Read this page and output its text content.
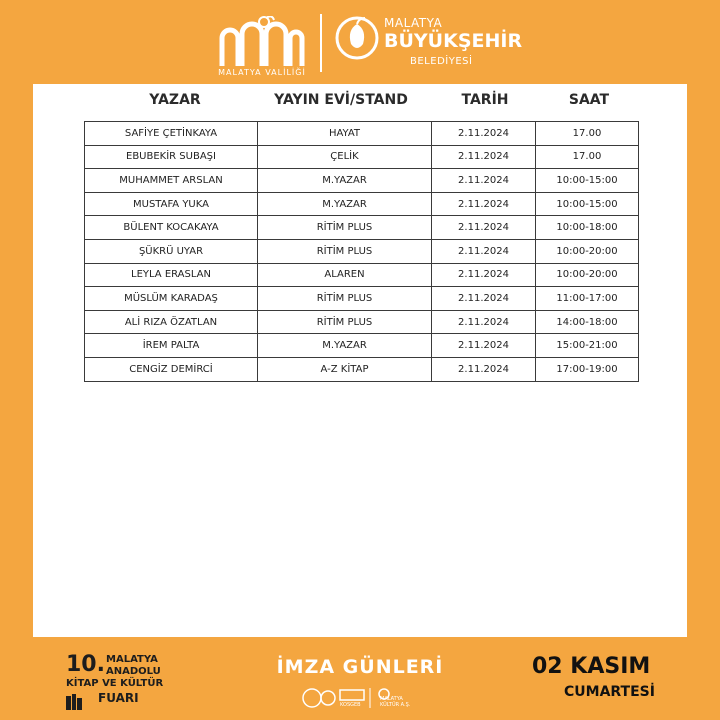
MALATYA VALİLİĞİ
MALATYA
BÜYÜKŞEHİR
BELEDİYESİ
YAZAR	YAYIN EVİ/STAND	TARİH	SAAT
SAFİYE ÇETİNKAYA	HAYAT	2.11.2024	17.00
EBUBEKİR SUBAŞI	ÇELİK	2.11.2024	17.00
MUHAMMET ARSLAN	M.YAZAR	2.11.2024	10:00-15:00
MUSTAFA YUKA	M.YAZAR	2.11.2024	10:00-15:00
BÜLENT KOCAKAYA	RİTİM PLUS	2.11.2024	10:00-18:00
ŞÜKRÜ UYAR	RİTİM PLUS	2.11.2024	10:00-20:00
LEYLA ERASLAN	ALAREN	2.11.2024	10:00-20:00
MÜSLÜM KARADAŞ	RİTİM PLUS	2.11.2024	11:00-17:00
ALİ RIZA ÖZATLAN	RİTİM PLUS	2.11.2024	14:00-18:00
İREM PALTA	M.YAZAR	2.11.2024	15:00-21:00
CENGİZ DEMİRCİ	A-Z KİTAP	2.11.2024	17:00-19:00
10. MALATYA
ANADOLU
KİTAP VE KÜLTÜR
FUARI
İMZA GÜNLERİ
KOSGEB
MALATYA KÜLTÜR A.Ş.
02 KASIM
CUMARTESİ
